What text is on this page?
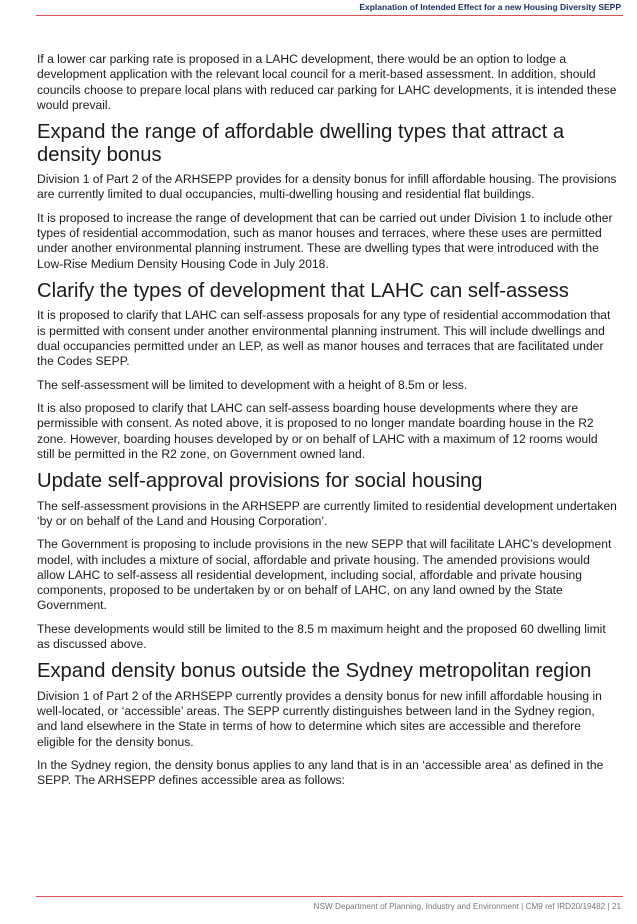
Explanation of Intended Effect for a new Housing Diversity SEPP

If a lower car parking rate is proposed in a LAHC development, there would be an option to lodge a development application with the relevant local council for a merit-based assessment. In addition, should councils choose to prepare local plans with reduced car parking for LAHC developments, it is intended these would prevail.

Expand the range of affordable dwelling types that attract a density bonus

Division 1 of Part 2 of the ARHSEPP provides for a density bonus for infill affordable housing. The provisions are currently limited to dual occupancies, multi-dwelling housing and residential flat buildings.

It is proposed to increase the range of development that can be carried out under Division 1 to include other types of residential accommodation, such as manor houses and terraces, where these uses are permitted under another environmental planning instrument. These are dwelling types that were introduced with the Low-Rise Medium Density Housing Code in July 2018.

Clarify the types of development that LAHC can self-assess

It is proposed to clarify that LAHC can self-assess proposals for any type of residential accommodation that is permitted with consent under another environmental planning instrument. This will include dwellings and dual occupancies permitted under an LEP, as well as manor houses and terraces that are facilitated under the Codes SEPP.

The self-assessment will be limited to development with a height of 8.5m or less.

It is also proposed to clarify that LAHC can self-assess boarding house developments where they are permissible with consent. As noted above, it is proposed to no longer mandate boarding house in the R2 zone. However, boarding houses developed by or on behalf of LAHC with a maximum of 12 rooms would still be permitted in the R2 zone, on Government owned land.

Update self-approval provisions for social housing

The self-assessment provisions in the ARHSEPP are currently limited to residential development undertaken ‘by or on behalf of the Land and Housing Corporation’.

The Government is proposing to include provisions in the new SEPP that will facilitate LAHC’s development model, with includes a mixture of social, affordable and private housing. The amended provisions would allow LAHC to self-assess all residential development, including social, affordable and private housing components, proposed to be undertaken by or on behalf of LAHC, on any land owned by the State Government.

These developments would still be limited to the 8.5 m maximum height and the proposed 60 dwelling limit as discussed above.

Expand density bonus outside the Sydney metropolitan region

Division 1 of Part 2 of the ARHSEPP currently provides a density bonus for new infill affordable housing in well-located, or ‘accessible’ areas. The SEPP currently distinguishes between land in the Sydney region, and land elsewhere in the State in terms of how to determine which sites are accessible and therefore eligible for the density bonus.

In the Sydney region, the density bonus applies to any land that is in an ‘accessible area’ as defined in the SEPP. The ARHSEPP defines accessible area as follows:

NSW Department of Planning, Industry and Environment | CM9 ref IRD20/19482 | 21
